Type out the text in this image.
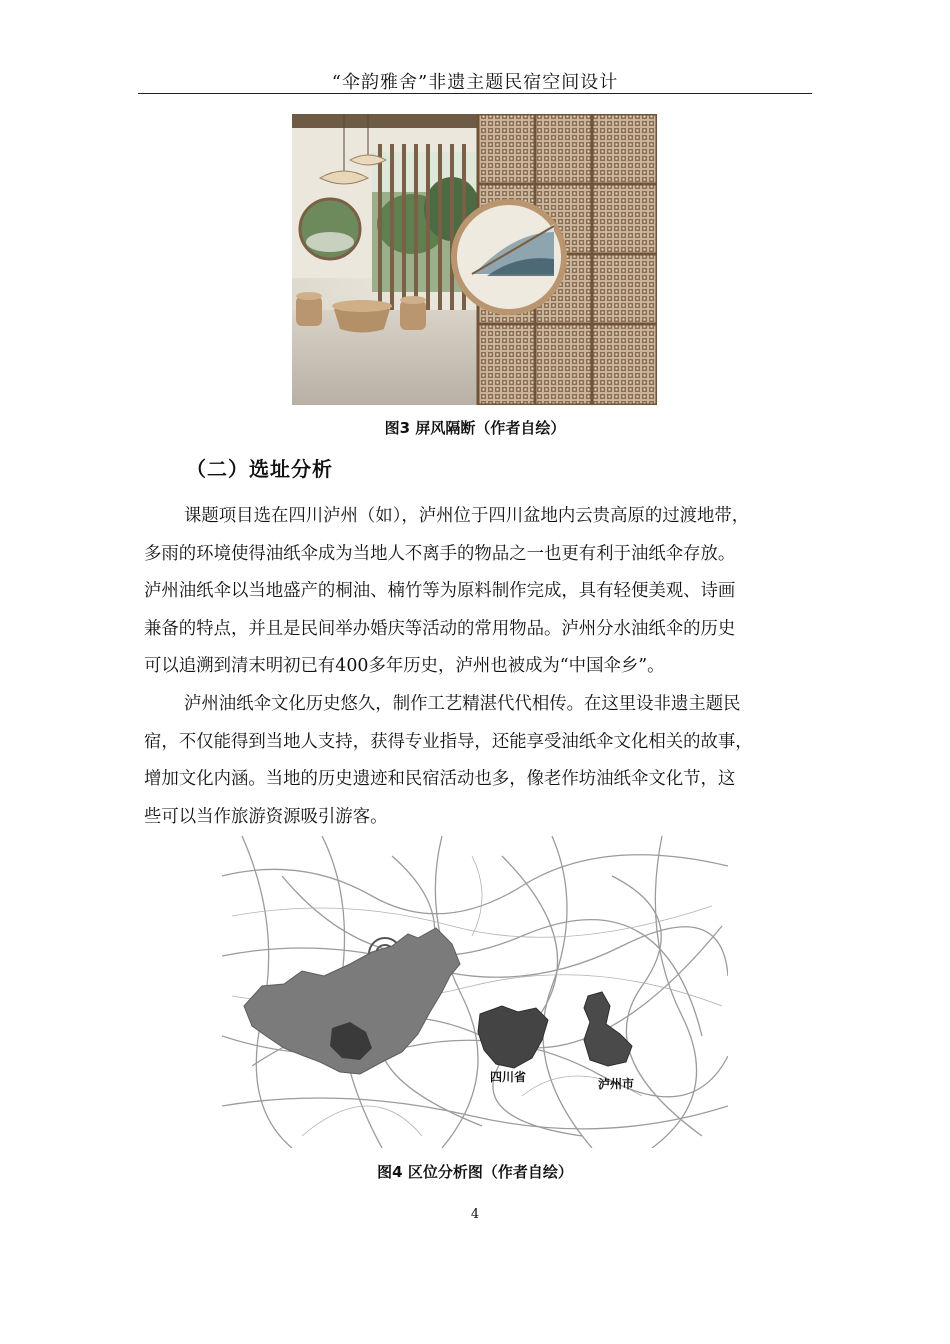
“伞韵雅舍”非遗主题民宿空间设计
图3 屏风隔断（作者自绘）
（二）选址分析
课题项目选在四川泸州（如），泸州位于四川盆地内云贵高原的过渡地带，
多雨的环境使得油纸伞成为当地人不离手的物品之一也更有利于油纸伞存放。
泸州油纸伞以当地盛产的桐油、楠竹等为原料制作完成，具有轻便美观、诗画
兼备的特点，并且是民间举办婚庆等活动的常用物品。泸州分水油纸伞的历史
可以追溯到清末明初已有400多年历史，泸州也被成为“中国伞乡”。
泸州油纸伞文化历史悠久，制作工艺精湛代代相传。在这里设非遗主题民
宿，不仅能得到当地人支持，获得专业指导，还能享受油纸伞文化相关的故事，
增加文化内涵。当地的历史遗迹和民宿活动也多，像老作坊油纸伞文化节，这
些可以当作旅游资源吸引游客。
四川省	泸州市
图4 区位分析图（作者自绘）
4
